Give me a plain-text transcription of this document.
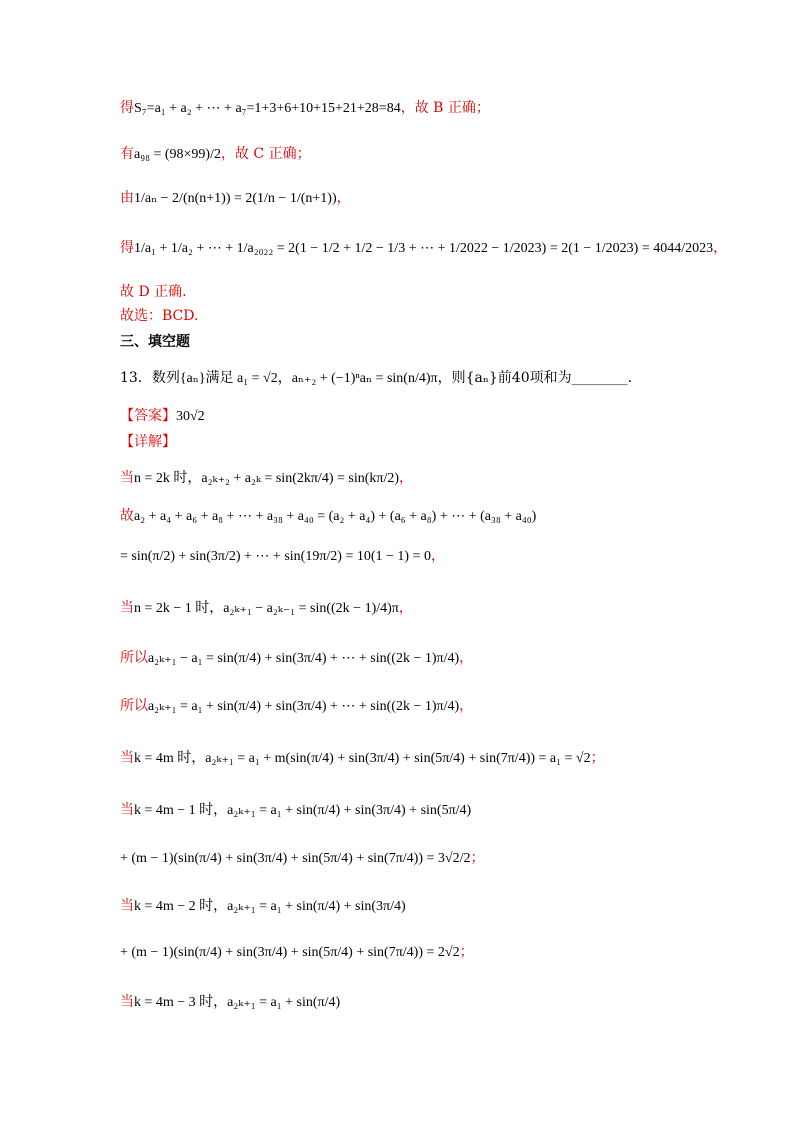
得S₇=a₁ + a₂ + ⋯ + a₇=1+3+6+10+15+21+28=84，故 B 正确；
有a₉₈ = (98×99)/2，故 C 正确；
由1/aₙ − 2/(n(n+1)) = 2(1/n − 1/(n+1))，
得1/a₁ + 1/a₂ + ⋯ + 1/a₂₀₂₂ = 2(1 − 1/2 + 1/2 − 1/3 + ⋯ + 1/2022 − 1/2023) = 2(1 − 1/2023) = 4044/2023，
故 D 正确.
故选：BCD.
三、填空题
13．数列{aₙ}满足 a₁ = √2，aₙ₊₂ + (−1)ⁿaₙ = sin(n/4)π，则{aₙ}前40项和为________.
【答案】30√2
【详解】
当n = 2k 时，a₂ₖ₊₂ + a₂ₖ = sin(2kπ/4) = sin(kπ/2)，
故a₂ + a₄ + a₆ + a₈ + ⋯ + a₃₈ + a₄₀ = (a₂ + a₄) + (a₆ + a₈) + ⋯ + (a₃₈ + a₄₀)
= sin(π/2) + sin(3π/2) + ⋯ + sin(19π/2) = 10(1 − 1) = 0，
当n = 2k − 1 时，a₂ₖ₊₁ − a₂ₖ₋₁ = sin((2k − 1)/4)π，
所以a₂ₖ₊₁ − a₁ = sin(π/4) + sin(3π/4) + ⋯ + sin((2k − 1)π/4)，
所以a₂ₖ₊₁ = a₁ + sin(π/4) + sin(3π/4) + ⋯ + sin((2k − 1)π/4)，
当k = 4m 时，a₂ₖ₊₁ = a₁ + m(sin(π/4) + sin(3π/4) + sin(5π/4) + sin(7π/4)) = a₁ = √2；
当k = 4m − 1 时，a₂ₖ₊₁ = a₁ + sin(π/4) + sin(3π/4) + sin(5π/4)
+ (m − 1)(sin(π/4) + sin(3π/4) + sin(5π/4) + sin(7π/4)) = 3√2/2；
当k = 4m − 2 时，a₂ₖ₊₁ = a₁ + sin(π/4) + sin(3π/4)
+ (m − 1)(sin(π/4) + sin(3π/4) + sin(5π/4) + sin(7π/4)) = 2√2；
当k = 4m − 3 时，a₂ₖ₊₁ = a₁ + sin(π/4)
